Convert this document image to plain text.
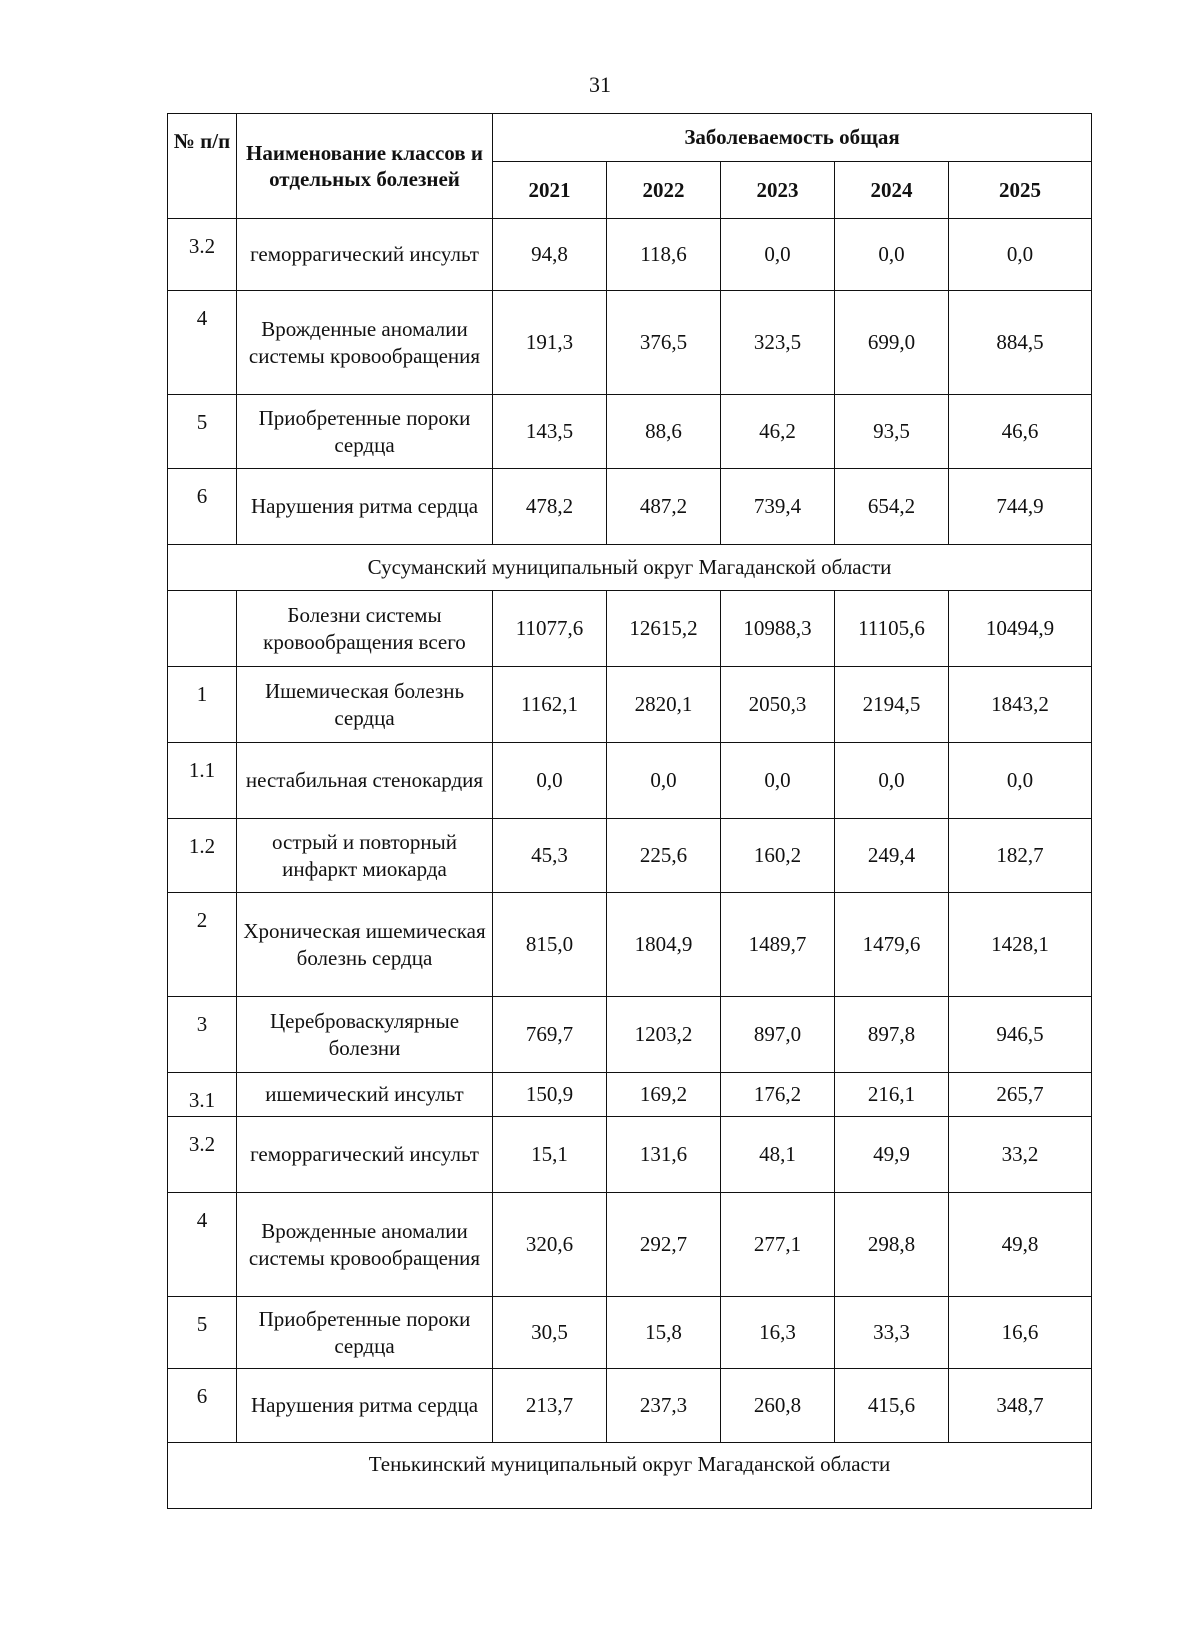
31
№ п/п	Наименование классов и отдельных болезней	Заболеваемость общая				
		2021	2022	2023	2024	2025
3.2	геморрагический инсульт	94,8	118,6	0,0	0,0	0,0
4	Врожденные аномалии системы кровообращения	191,3	376,5	323,5	699,0	884,5
5	Приобретенные пороки сердца	143,5	88,6	46,2	93,5	46,6
6	Нарушения ритма сердца	478,2	487,2	739,4	654,2	744,9
Сусуманский муниципальный округ Магаданской области						
	Болезни системы кровообращения всего	11077,6	12615,2	10988,3	11105,6	10494,9
1	Ишемическая болезнь сердца	1162,1	2820,1	2050,3	2194,5	1843,2
1.1	нестабильная стенокардия	0,0	0,0	0,0	0,0	0,0
1.2	острый и повторный инфаркт миокарда	45,3	225,6	160,2	249,4	182,7
2	Хроническая ишемическая болезнь сердца	815,0	1804,9	1489,7	1479,6	1428,1
3	Цереброваскулярные болезни	769,7	1203,2	897,0	897,8	946,5
3.1	ишемический инсульт	150,9	169,2	176,2	216,1	265,7
3.2	геморрагический инсульт	15,1	131,6	48,1	49,9	33,2
4	Врожденные аномалии системы кровообращения	320,6	292,7	277,1	298,8	49,8
5	Приобретенные пороки сердца	30,5	15,8	16,3	33,3	16,6
6	Нарушения ритма сердца	213,7	237,3	260,8	415,6	348,7
Тенькинский муниципальный округ Магаданской области						
